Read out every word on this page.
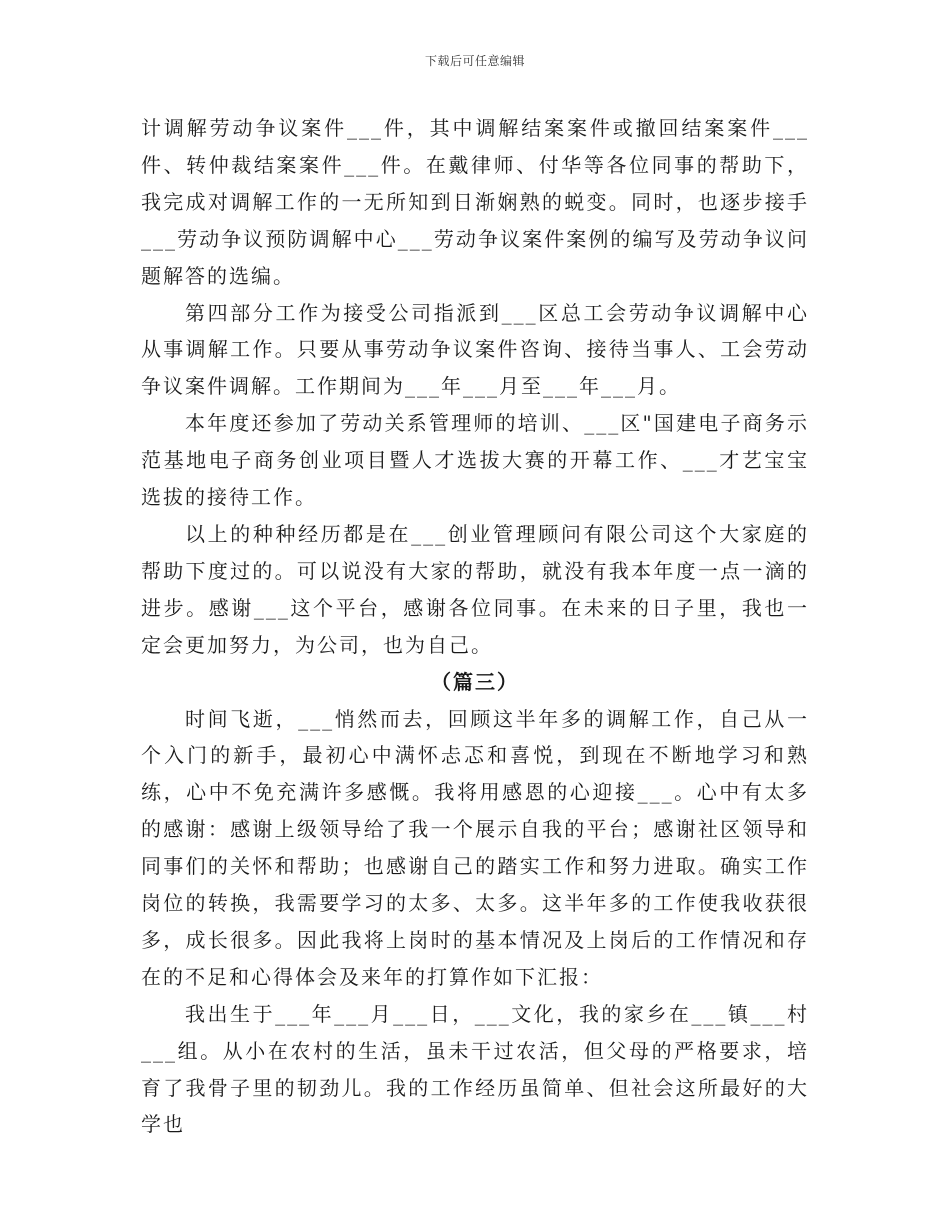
下载后可任意编辑

计调解劳动争议案件___件，其中调解结案案件或撤回结案案件___件、转仲裁结案案件___件。在戴律师、付华等各位同事的帮助下，我完成对调解工作的一无所知到日渐娴熟的蜕变。同时，也逐步接手___劳动争议预防调解中心___劳动争议案件案例的编写及劳动争议问题解答的选编。

第四部分工作为接受公司指派到___区总工会劳动争议调解中心从事调解工作。只要从事劳动争议案件咨询、接待当事人、工会劳动争议案件调解。工作期间为___年___月至___年___月。

本年度还参加了劳动关系管理师的培训、___区"国建电子商务示范基地电子商务创业项目暨人才选拔大赛的开幕工作、___才艺宝宝选拔的接待工作。

以上的种种经历都是在___创业管理顾问有限公司这个大家庭的帮助下度过的。可以说没有大家的帮助，就没有我本年度一点一滴的进步。感谢___这个平台，感谢各位同事。在未来的日子里，我也一定会更加努力，为公司，也为自己。

（篇三）

时间飞逝，___悄然而去，回顾这半年多的调解工作，自己从一个入门的新手，最初心中满怀忐忑和喜悦，到现在不断地学习和熟练，心中不免充满许多感慨。我将用感恩的心迎接___。心中有太多的感谢：感谢上级领导给了我一个展示自我的平台；感谢社区领导和同事们的关怀和帮助；也感谢自己的踏实工作和努力进取。确实工作岗位的转换，我需要学习的太多、太多。这半年多的工作使我收获很多，成长很多。因此我将上岗时的基本情况及上岗后的工作情况和存在的不足和心得体会及来年的打算作如下汇报：

我出生于___年___月___日，___文化，我的家乡在___镇___村___组。从小在农村的生活，虽未干过农活，但父母的严格要求，培育了我骨子里的韧劲儿。我的工作经历虽简单、但社会这所最好的大学也
